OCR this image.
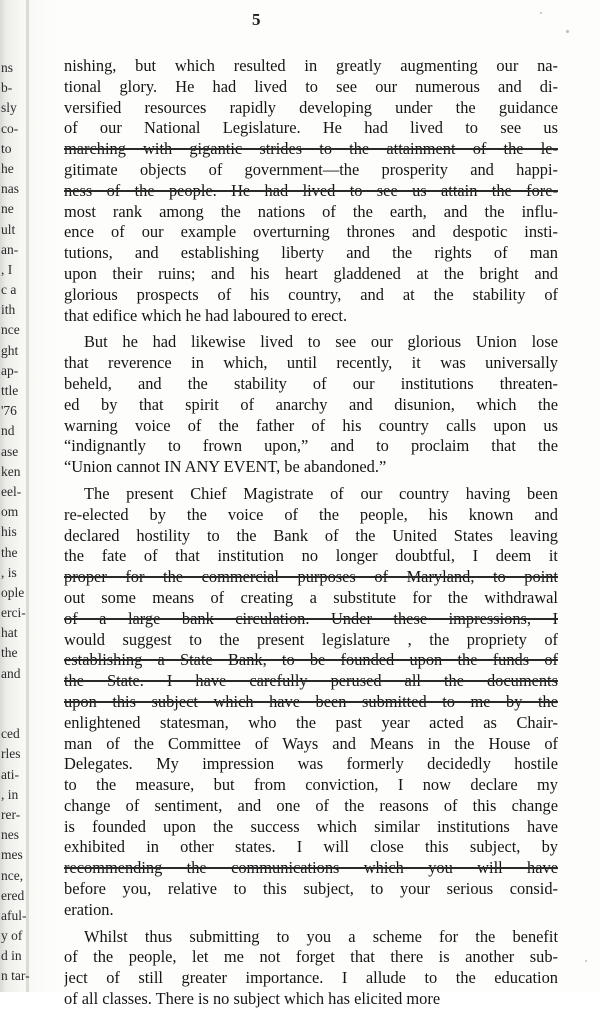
ns
b-
sly
co-
to
he
nas
ne
ult
an-
, I
c a
ith
nce
ght
ap-
ttle
'76
nd
ase
ken
eel-
om
his
the
, is
ople
erci-
hat
the
and
ced
rles
ati-
, in
rer-
nes
mes
nce,
ered
aful-
y of
d in
n tar-
5
nishing, but which resulted in greatly augmenting our na-
tional glory. He had lived to see our numerous and di-
versified resources rapidly developing under the guidance
of our National Legislature. He had lived to see us
marching with gigantic strides to the attainment of the le-
gitimate objects of government—the prosperity and happi-
ness of the people. He had lived to see us attain the fore-
most rank among the nations of the earth, and the influ-
ence of our example overturning thrones and despotic insti-
tutions, and establishing liberty and the rights of man
upon their ruins; and his heart gladdened at the bright and
glorious prospects of his country, and at the stability of
that edifice which he had laboured to erect.
But he had likewise lived to see our glorious Union lose
that reverence in which, until recently, it was universally
beheld, and the stability of our institutions threaten-
ed by that spirit of anarchy and disunion, which the
warning voice of the father of his country calls upon us
“indignantly to frown upon,” and to proclaim that the
“Union cannot IN ANY EVENT, be abandoned.”
The present Chief Magistrate of our country having been
re-elected by the voice of the people, his known and
declared hostility to the Bank of the United States leaving
the fate of that institution no longer doubtful, I deem it
proper for the commercial purposes of Maryland, to point
out some means of creating a substitute for the withdrawal
of a large bank circulation. Under these impressions, I
would suggest to the present legislature , the propriety of
establishing a State Bank, to be founded upon the funds of
the State. I have carefully perused all the documents
upon this subject which have been submitted to me by the
enlightened statesman, who the past year acted as Chair-
man of the Committee of Ways and Means in the House of
Delegates. My impression was formerly decidedly hostile
to the measure, but from conviction, I now declare my
change of sentiment, and one of the reasons of this change
is founded upon the success which similar institutions have
exhibited in other states. I will close this subject, by
recommending the communications which you will have
before you, relative to this subject, to your serious consid-
eration.
Whilst thus submitting to you a scheme for the benefit
of the people, let me not forget that there is another sub-
ject of still greater importance. I allude to the education
of all classes. There is no subject which has elicited more
